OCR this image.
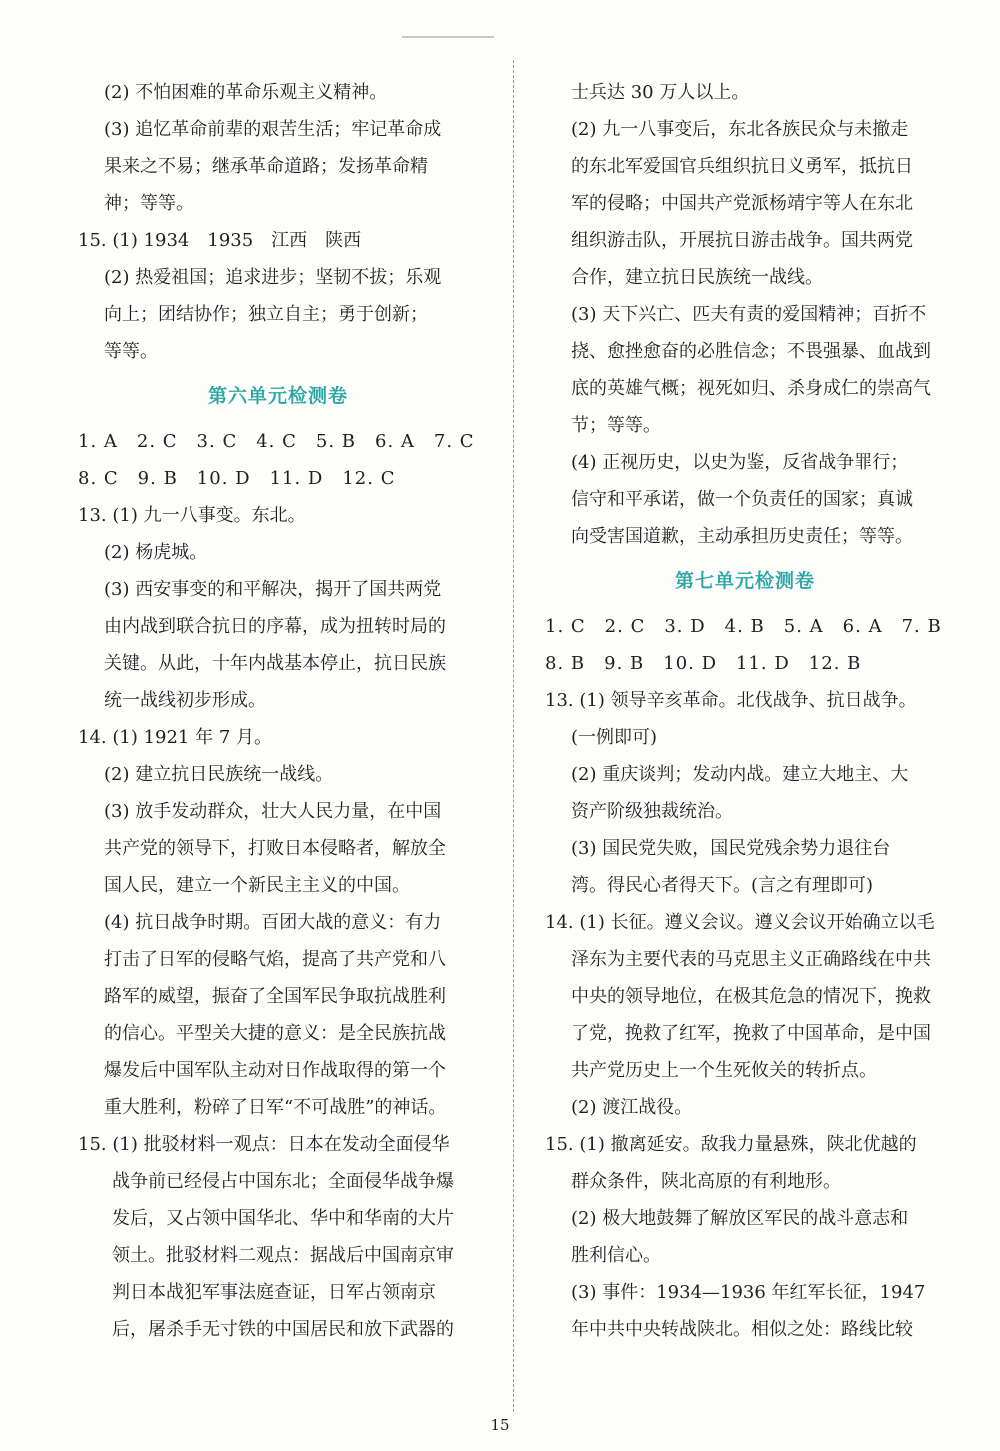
(2) 不怕困难的革命乐观主义精神。
(3) 追忆革命前辈的艰苦生活；牢记革命成
果来之不易；继承革命道路；发扬革命精
神；等等。
15. (1) 1934　1935　江西　陕西
(2) 热爱祖国；追求进步；坚韧不拔；乐观
向上；团结协作；独立自主；勇于创新；
等等。
第六单元检测卷
1. A　2. C　3. C　4. C　5. B　6. A　7. C
8. C　9. B　10. D　11. D　12. C
13. (1) 九一八事变。东北。
(2) 杨虎城。
(3) 西安事变的和平解决，揭开了国共两党
由内战到联合抗日的序幕，成为扭转时局的
关键。从此，十年内战基本停止，抗日民族
统一战线初步形成。
14. (1) 1921 年 7 月。
(2) 建立抗日民族统一战线。
(3) 放手发动群众，壮大人民力量，在中国
共产党的领导下，打败日本侵略者，解放全
国人民，建立一个新民主主义的中国。
(4) 抗日战争时期。百团大战的意义：有力
打击了日军的侵略气焰，提高了共产党和八
路军的威望，振奋了全国军民争取抗战胜利
的信心。平型关大捷的意义：是全民族抗战
爆发后中国军队主动对日作战取得的第一个
重大胜利，粉碎了日军“不可战胜”的神话。
15. (1) 批驳材料一观点：日本在发动全面侵华
战争前已经侵占中国东北；全面侵华战争爆
发后，又占领中国华北、华中和华南的大片
领土。批驳材料二观点：据战后中国南京审
判日本战犯军事法庭查证，日军占领南京
后，屠杀手无寸铁的中国居民和放下武器的
士兵达 30 万人以上。
(2) 九一八事变后，东北各族民众与未撤走
的东北军爱国官兵组织抗日义勇军，抵抗日
军的侵略；中国共产党派杨靖宇等人在东北
组织游击队，开展抗日游击战争。国共两党
合作，建立抗日民族统一战线。
(3) 天下兴亡、匹夫有责的爱国精神；百折不
挠、愈挫愈奋的必胜信念；不畏强暴、血战到
底的英雄气概；视死如归、杀身成仁的崇高气
节；等等。
(4) 正视历史，以史为鉴，反省战争罪行；
信守和平承诺，做一个负责任的国家；真诚
向受害国道歉，主动承担历史责任；等等。
第七单元检测卷
1. C　2. C　3. D　4. B　5. A　6. A　7. B
8. B　9. B　10. D　11. D　12. B
13. (1) 领导辛亥革命。北伐战争、抗日战争。
(一例即可)
(2) 重庆谈判；发动内战。建立大地主、大
资产阶级独裁统治。
(3) 国民党失败，国民党残余势力退往台
湾。得民心者得天下。(言之有理即可)
14. (1) 长征。遵义会议。遵义会议开始确立以毛
泽东为主要代表的马克思主义正确路线在中共
中央的领导地位，在极其危急的情况下，挽救
了党，挽救了红军，挽救了中国革命，是中国
共产党历史上一个生死攸关的转折点。
(2) 渡江战役。
15. (1) 撤离延安。敌我力量悬殊，陕北优越的
群众条件，陕北高原的有利地形。
(2) 极大地鼓舞了解放区军民的战斗意志和
胜利信心。
(3) 事件：1934—1936 年红军长征，1947
年中共中央转战陕北。相似之处：路线比较
15
